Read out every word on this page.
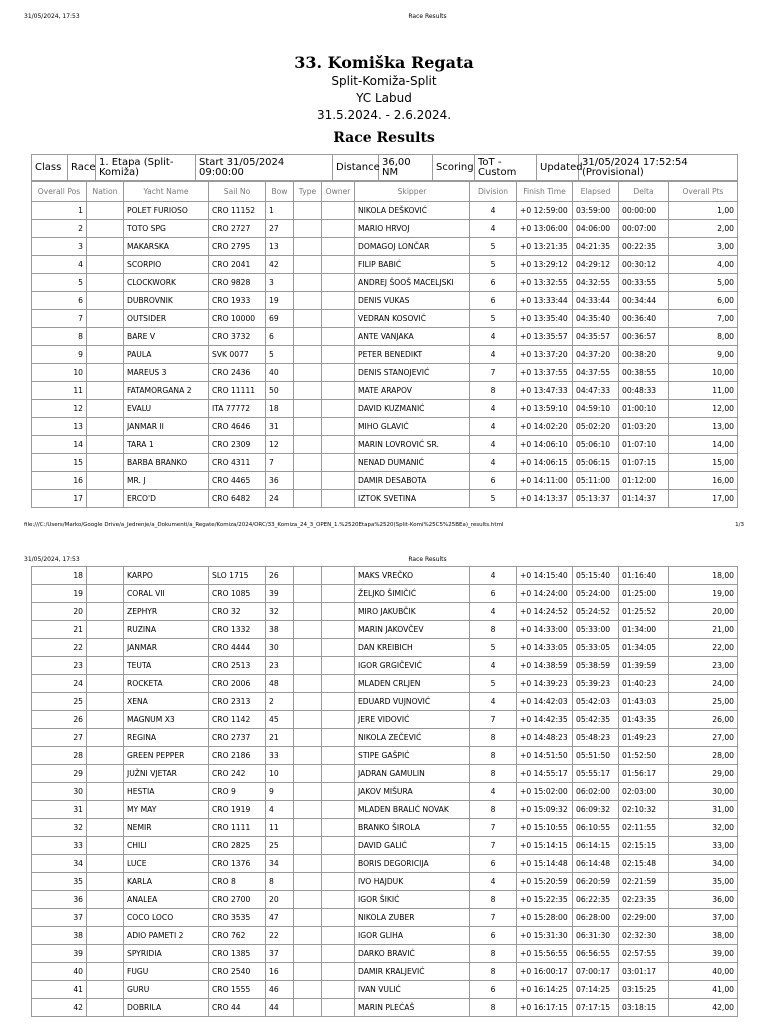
31/05/2024, 17:53	Race Results
33. Komiška Regata
Split-Komiža-Split
YC Labud
31.5.2024. - 2.6.2024.
Race Results
Class	Race	1. Etapa (Split-Komiža)	Start 31/05/2024 09:00:00	Distance	36,00 NM	Scoring	ToT - Custom	Updated	31/05/2024 17:52:54 (Provisional)
Overall Pos	Nation	Yacht Name	Sail No	Bow	Type	Owner	Skipper	Division	Finish Time	Elapsed	Delta	Overall Pts
1		POLET FURIOSO	CRO 11152	1			NIKOLA DEŠKOVIĆ	4	+0 12:59:00	03:59:00	00:00:00	1,00
2		TOTO SPG	CRO 2727	27			MARIO HRVOJ	4	+0 13:06:00	04:06:00	00:07:00	2,00
3		MAKARSKA	CRO 2795	13			DOMAGOJ LONČAR	5	+0 13:21:35	04:21:35	00:22:35	3,00
4		SCORPIO	CRO 2041	42			FILIP BABIĆ	5	+0 13:29:12	04:29:12	00:30:12	4,00
5		CLOCKWORK	CRO 9828	3			ANDREJ ŠOOŠ MACELJSKI	6	+0 13:32:55	04:32:55	00:33:55	5,00
6		DUBROVNIK	CRO 1933	19			DENIS VUKAS	6	+0 13:33:44	04:33:44	00:34:44	6,00
7		OUTSIDER	CRO 10000	69			VEDRAN KOSOVIĆ	5	+0 13:35:40	04:35:40	00:36:40	7,00
8		BARE V	CRO 3732	6			ANTE VANJAKA	4	+0 13:35:57	04:35:57	00:36:57	8,00
9		PAULA	SVK 0077	5			PETER BENEDIKT	4	+0 13:37:20	04:37:20	00:38:20	9,00
10		MAREUS 3	CRO 2436	40			DENIS STANOJEVIĆ	7	+0 13:37:55	04:37:55	00:38:55	10,00
11		FATAMORGANA 2	CRO 11111	50			MATE ARAPOV	8	+0 13:47:33	04:47:33	00:48:33	11,00
12		EVALU	ITA 77772	18			DAVID KUZMANIĆ	4	+0 13:59:10	04:59:10	01:00:10	12,00
13		JANMAR II	CRO 4646	31			MIHO GLAVIĆ	4	+0 14:02:20	05:02:20	01:03:20	13,00
14		TARA 1	CRO 2309	12			MARIN LOVROVIĆ SR.	4	+0 14:06:10	05:06:10	01:07:10	14,00
15		BARBA BRANKO	CRO 4311	7			NENAD DUMANIĆ	4	+0 14:06:15	05:06:15	01:07:15	15,00
16		MR. J	CRO 4465	36			DAMIR DESABOTA	6	+0 14:11:00	05:11:00	01:12:00	16,00
17		ERCO'D	CRO 6482	24			IZTOK SVETINA	5	+0 14:13:37	05:13:37	01:14:37	17,00
file:///C:/Users/Marko/Google Drive/a_Jedrenje/a_Dokumenti/a_Regate/Komiza/2024/ORC/33_Komiza_24_3_OPEN_1.%2520Etapa%2520(Split-Komi%25C5%25BEa)_results.html	1/3
31/05/2024, 17:53	Race Results
18		KARPO	SLO 1715	26			MAKS VREČKO	4	+0 14:15:40	05:15:40	01:16:40	18,00
19		CORAL VII	CRO 1085	39			ŽELJKO ŠIMIČIĆ	6	+0 14:24:00	05:24:00	01:25:00	19,00
20		ZEPHYR	CRO 32	32			MIRO JAKUBČIK	4	+0 14:24:52	05:24:52	01:25:52	20,00
21		RUZINA	CRO 1332	38			MARIN JAKOVČEV	8	+0 14:33:00	05:33:00	01:34:00	21,00
22		JANMAR	CRO 4444	30			DAN KREIBICH	5	+0 14:33:05	05:33:05	01:34:05	22,00
23		TEUTA	CRO 2513	23			IGOR GRGIČEVIĆ	4	+0 14:38:59	05:38:59	01:39:59	23,00
24		ROCKETA	CRO 2006	48			MLADEN CRLJEN	5	+0 14:39:23	05:39:23	01:40:23	24,00
25		XENA	CRO 2313	2			EDUARD VUJNOVIĆ	4	+0 14:42:03	05:42:03	01:43:03	25,00
26		MAGNUM X3	CRO 1142	45			JERE VIDOVIĆ	7	+0 14:42:35	05:42:35	01:43:35	26,00
27		REGINA	CRO 2737	21			NIKOLA ZEČEVIĆ	8	+0 14:48:23	05:48:23	01:49:23	27,00
28		GREEN PEPPER	CRO 2186	33			STIPE GAŠPIĆ	8	+0 14:51:50	05:51:50	01:52:50	28,00
29		JUŽNI VJETAR	CRO 242	10			JADRAN GAMULIN	8	+0 14:55:17	05:55:17	01:56:17	29,00
30		HESTIA	CRO 9	9			JAKOV MIŠURA	4	+0 15:02:00	06:02:00	02:03:00	30,00
31		MY MAY	CRO 1919	4			MLADEN BRALIĆ NOVAK	8	+0 15:09:32	06:09:32	02:10:32	31,00
32		NEMIR	CRO 1111	11			BRANKO ŠIROLA	7	+0 15:10:55	06:10:55	02:11:55	32,00
33		CHILI	CRO 2825	25			DAVID GALIĆ	7	+0 15:14:15	06:14:15	02:15:15	33,00
34		LUCE	CRO 1376	34			BORIS DEGORICIJA	6	+0 15:14:48	06:14:48	02:15:48	34,00
35		KARLA	CRO 8	8			IVO HAJDUK	4	+0 15:20:59	06:20:59	02:21:59	35,00
36		ANALEA	CRO 2700	20			IGOR ŠIKIĆ	8	+0 15:22:35	06:22:35	02:23:35	36,00
37		COCO LOCO	CRO 3535	47			NIKOLA ZUBER	7	+0 15:28:00	06:28:00	02:29:00	37,00
38		ADIO PAMETI 2	CRO 762	22			IGOR GLIHA	6	+0 15:31:30	06:31:30	02:32:30	38,00
39		SPYRIDIA	CRO 1385	37			DARKO BRAVIĆ	8	+0 15:56:55	06:56:55	02:57:55	39,00
40		FUGU	CRO 2540	16			DAMIR KRALJEVIĆ	8	+0 16:00:17	07:00:17	03:01:17	40,00
41		GURU	CRO 1555	46			IVAN VULIĆ	6	+0 16:14:25	07:14:25	03:15:25	41,00
42		DOBRILA	CRO 44	44			MARIN PLEĆAŠ	8	+0 16:17:15	07:17:15	03:18:15	42,00
